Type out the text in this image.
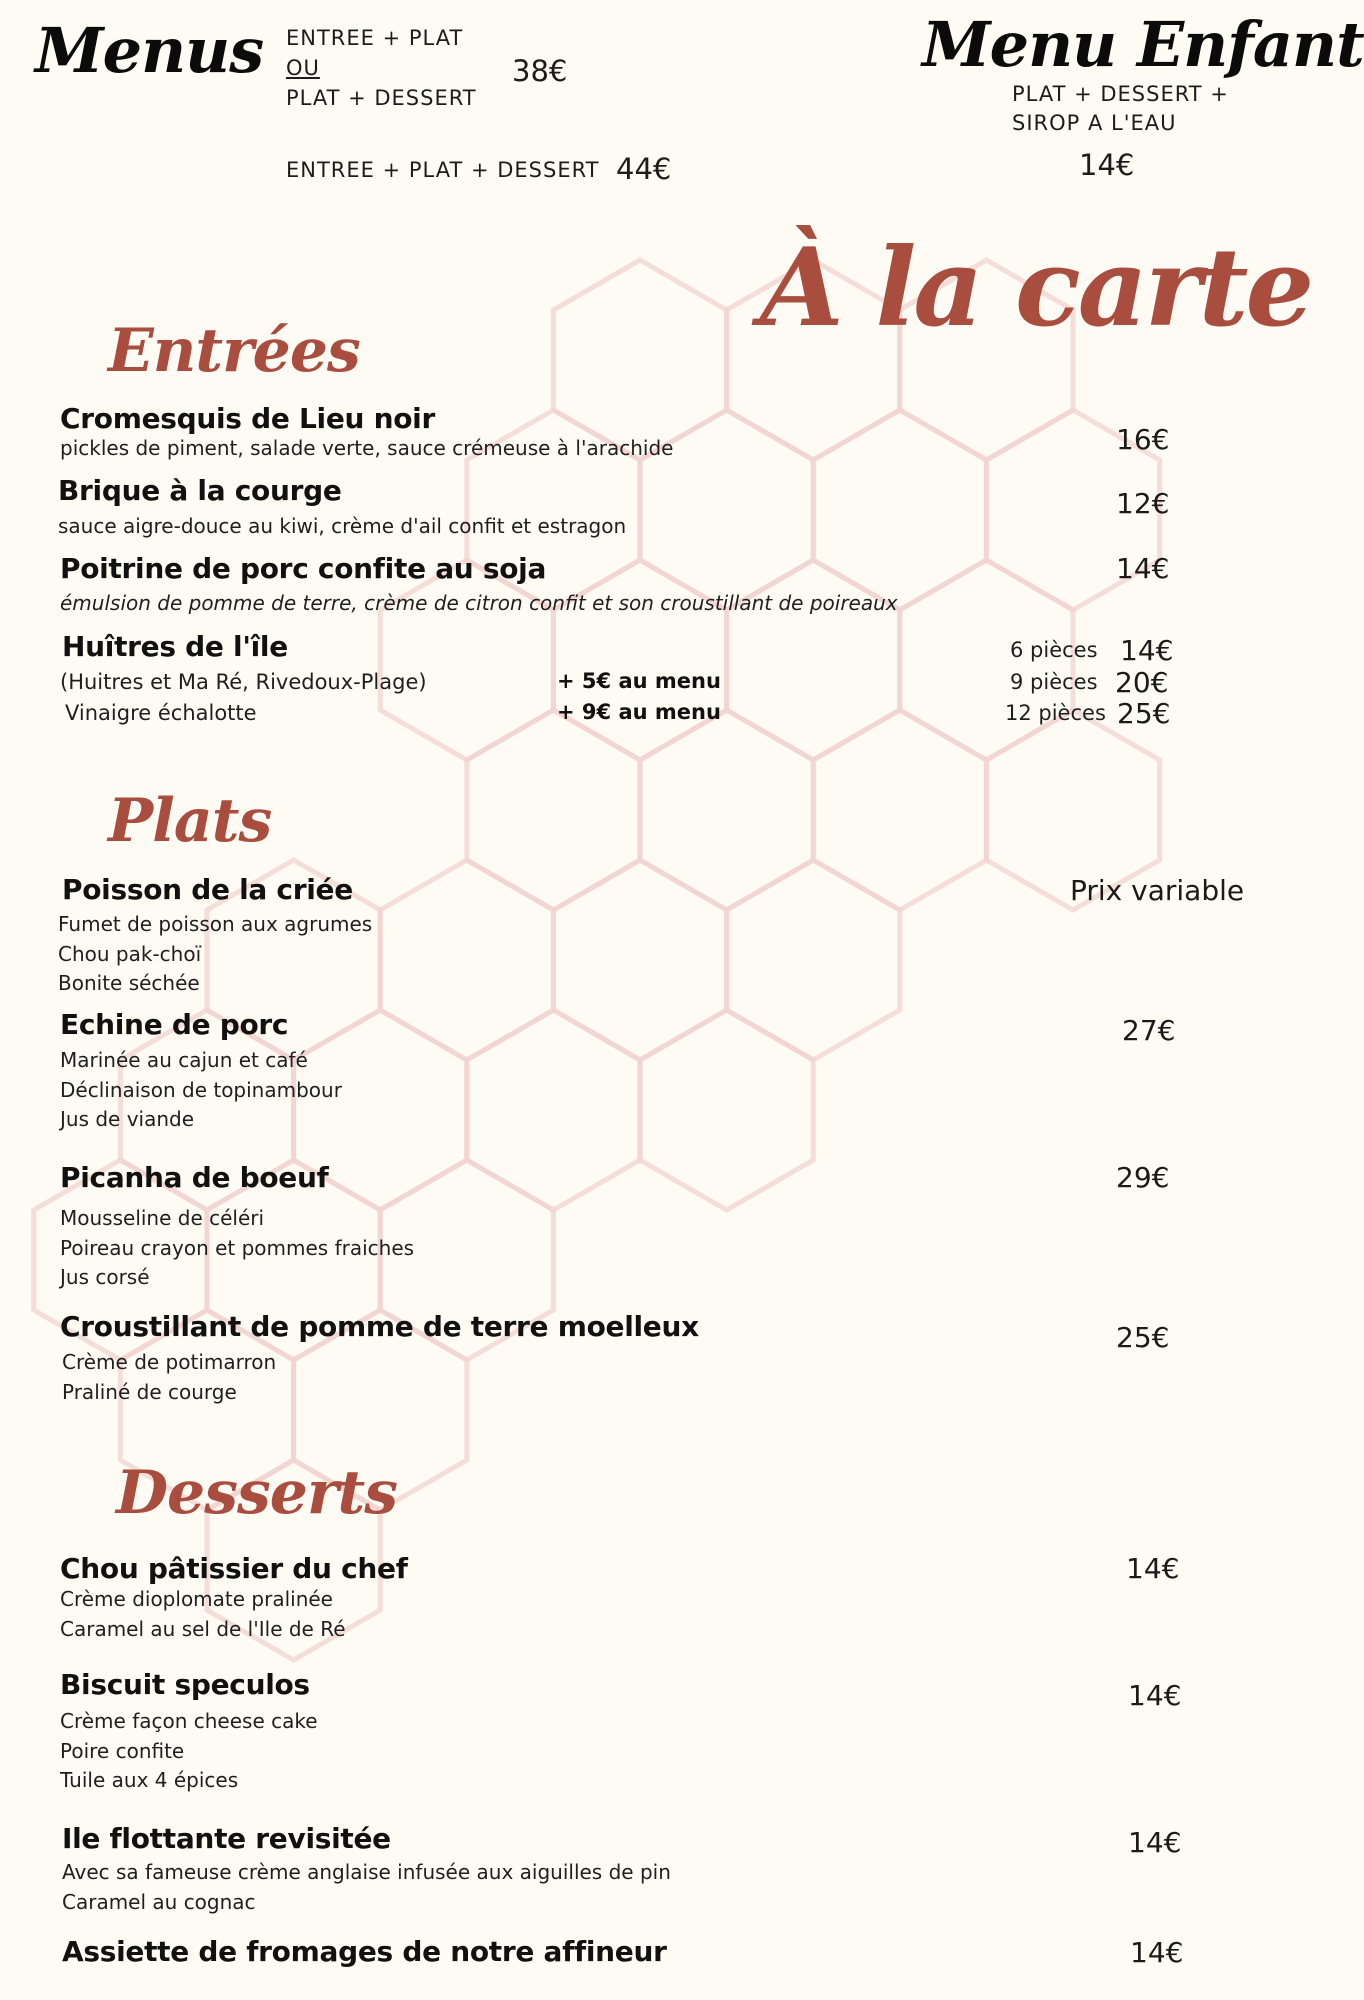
Menus ENTREE + PLAT
OU
PLAT + DESSERT
38€
ENTREE + PLAT + DESSERT 44€
Menu Enfant
PLAT + DESSERT +
SIROP A L'EAU
14€
À la carte
Entrées
Cromesquis de Lieu noir
pickles de piment, salade verte, sauce crémeuse à l'arachide	16€
Brique à la courge
sauce aigre-douce au kiwi, crème d'ail confit et estragon
12€
Poitrine de porc confite au soja
émulsion de pomme de terre, crème de citron confit et son croustillant de poireaux
14€
Huîtres de l'île
(Huitres et Ma Ré, Rivedoux-Plage)
Vinaigre échalotte
+ 5€ au menu
+ 9€ au menu
6 pièces 14€
9 pièces 20€
12 pièces 25€
Plats
Poisson de la criée
Fumet de poisson aux agrumes
Chou pak-choï
Bonite séchée
Prix variable
Echine de porc
Marinée au cajun et café
Déclinaison de topinambour
Jus de viande
27€
Picanha de boeuf
Mousseline de céléri
Poireau crayon et pommes fraiches
Jus corsé
29€
Croustillant de pomme de terre moelleux
Crème de potimarron
Praliné de courge
25€
Desserts
Chou pâtissier du chef
Crème dioplomate pralinée
Caramel au sel de l'Ile de Ré
14€
Biscuit speculos
Crème façon cheese cake
Poire confite
Tuile aux 4 épices
14€
Ile flottante revisitée
Avec sa fameuse crème anglaise infusée aux aiguilles de pin
Caramel au cognac
14€
Assiette de fromages de notre affineur	14€
